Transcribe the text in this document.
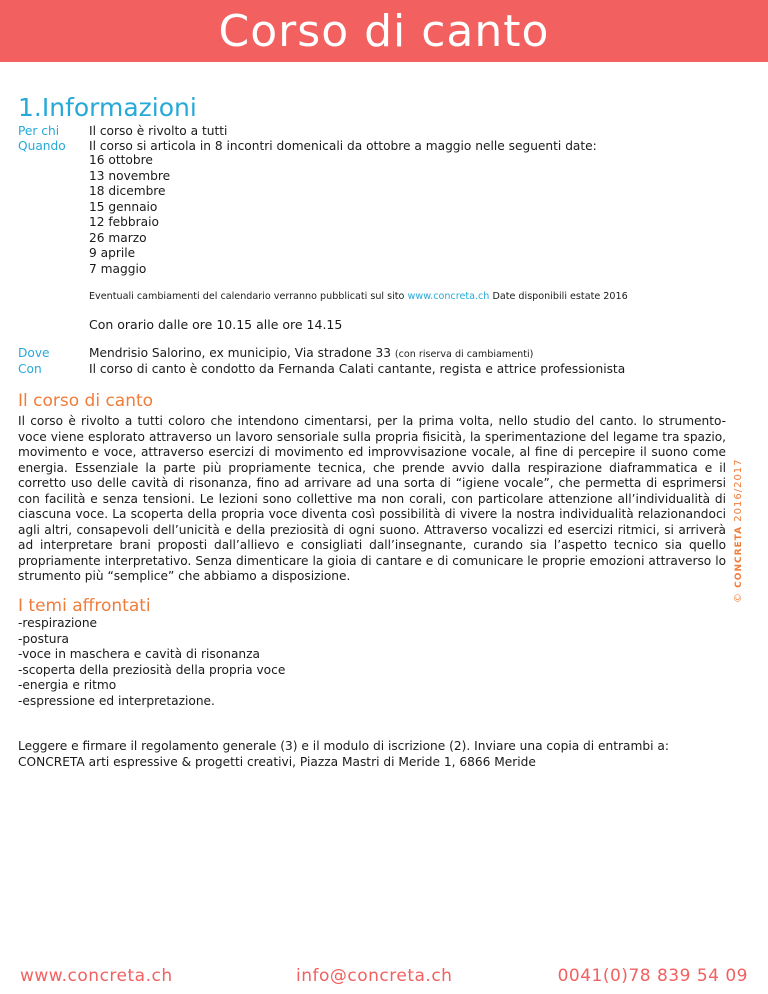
Corso di canto
1.Informazioni
Per chi	Il corso è rivolto a tutti
Quando	Il corso si articola in 8 incontri domenicali da ottobre a maggio nelle seguenti date:
16 ottobre
13 novembre
18 dicembre
15 gennaio
12 febbraio
26 marzo
9 aprile
7 maggio
Eventuali cambiamenti del calendario verranno pubblicati sul sito www.concreta.ch Date disponibili estate 2016
Con orario dalle ore 10.15 alle ore 14.15
Dove	Mendrisio Salorino, ex municipio, Via stradone 33 (con riserva di cambiamenti)
Con	Il corso di canto è condotto da Fernanda Calati cantante, regista e attrice professionista
Il corso di canto

Il corso è rivolto a tutti coloro che intendono cimentarsi, per la prima volta, nello studio del canto. lo strumento-voce viene esplorato attraverso un lavoro sensoriale sulla propria fisicità, la sperimentazione del legame tra spazio, movimento e voce, attraverso esercizi di movimento ed improvvisazione vocale, al fine di percepire il suono come energia. Essenziale la parte più propriamente tecnica, che prende avvio dalla respirazione diaframmatica e il corretto uso delle cavità di risonanza, fino ad arrivare ad una sorta di “igiene vocale”, che permetta di esprimersi con facilità e senza tensioni. Le lezioni sono collettive ma non corali, con particolare attenzione all’individualità di ciascuna voce. La scoperta della propria voce diventa così possibilità di vivere la nostra individualità relazionandoci agli altri, consapevoli dell’unicità e della preziosità di ogni suono. Attraverso vocalizzi ed esercizi ritmici, si arriverà ad interpretare brani proposti dall’allievo e consigliati dall’insegnante, curando sia l’aspetto tecnico sia quello propriamente interpretativo. Senza dimenticare la gioia di cantare e di comunicare le proprie emozioni attraverso lo strumento più “semplice” che abbiamo a disposizione.

I temi affrontati
-respirazione
-postura
-voce in maschera e cavità di risonanza
-scoperta della preziosità della propria voce
-energia e ritmo
-espressione ed interpretazione.
Leggere e firmare il regolamento generale (3) e il modulo di iscrizione (2). Inviare una copia di entrambi a:
CONCRETA arti espressive & progetti creativi, Piazza Mastri di Meride 1, 6866 Meride
© CONCRETA 2016/2017
www.concreta.ch	info@concreta.ch	0041(0)78 839 54 09
